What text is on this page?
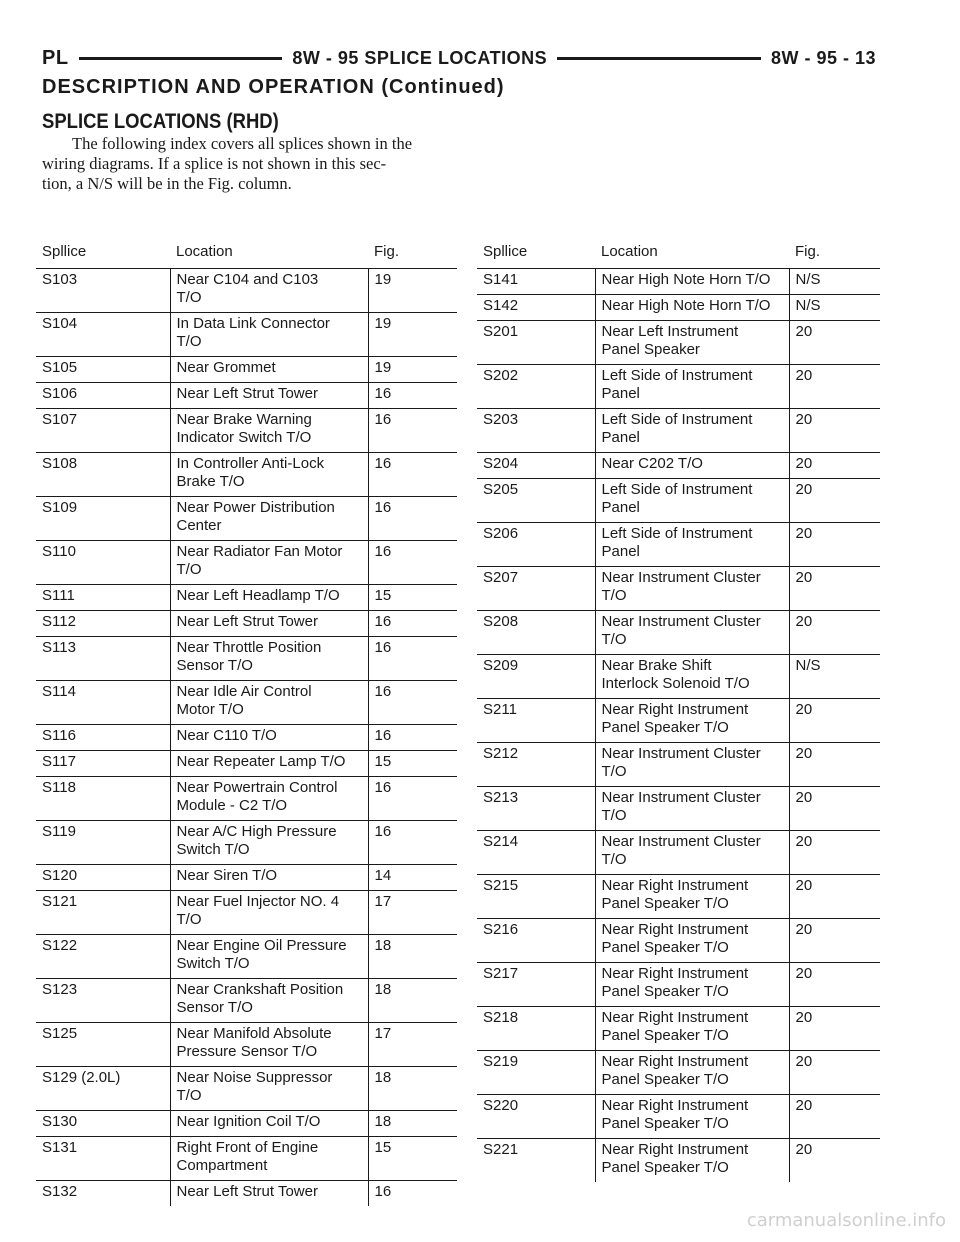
PL	8W - 95 SPLICE LOCATIONS	8W - 95 - 13
DESCRIPTION AND OPERATION (Continued)
SPLICE LOCATIONS (RHD)
The following index covers all splices shown in the
wiring diagrams. If a splice is not shown in this sec-
tion, a N/S will be in the Fig. column.
Spllice	Location	Fig.
S103	Near C104 and C103
T/O	19
S104	In Data Link Connector
T/O	19
S105	Near Grommet	19
S106	Near Left Strut Tower	16
S107	Near Brake Warning
Indicator Switch T/O	16
S108	In Controller Anti-Lock
Brake T/O	16
S109	Near Power Distribution
Center	16
S110	Near Radiator Fan Motor
T/O	16
S111	Near Left Headlamp T/O	15
S112	Near Left Strut Tower	16
S113	Near Throttle Position
Sensor T/O	16
S114	Near Idle Air Control
Motor T/O	16
S116	Near C110 T/O	16
S117	Near Repeater Lamp T/O	15
S118	Near Powertrain Control
Module - C2 T/O	16
S119	Near A/C High Pressure
Switch T/O	16
S120	Near Siren T/O	14
S121	Near Fuel Injector NO. 4
T/O	17
S122	Near Engine Oil Pressure
Switch T/O	18
S123	Near Crankshaft Position
Sensor T/O	18
S125	Near Manifold Absolute
Pressure Sensor T/O	17
S129 (2.0L)	Near Noise Suppressor
T/O	18
S130	Near Ignition Coil T/O	18
S131	Right Front of Engine
Compartment	15
S132	Near Left Strut Tower	16
Spllice	Location	Fig.
S141	Near High Note Horn T/O	N/S
S142	Near High Note Horn T/O	N/S
S201	Near Left Instrument
Panel Speaker	20
S202	Left Side of Instrument
Panel	20
S203	Left Side of Instrument
Panel	20
S204	Near C202 T/O	20
S205	Left Side of Instrument
Panel	20
S206	Left Side of Instrument
Panel	20
S207	Near Instrument Cluster
T/O	20
S208	Near Instrument Cluster
T/O	20
S209	Near Brake Shift
Interlock Solenoid T/O	N/S
S211	Near Right Instrument
Panel Speaker T/O	20
S212	Near Instrument Cluster
T/O	20
S213	Near Instrument Cluster
T/O	20
S214	Near Instrument Cluster
T/O	20
S215	Near Right Instrument
Panel Speaker T/O	20
S216	Near Right Instrument
Panel Speaker T/O	20
S217	Near Right Instrument
Panel Speaker T/O	20
S218	Near Right Instrument
Panel Speaker T/O	20
S219	Near Right Instrument
Panel Speaker T/O	20
S220	Near Right Instrument
Panel Speaker T/O	20
S221	Near Right Instrument
Panel Speaker T/O	20
carmanualsonline.info
